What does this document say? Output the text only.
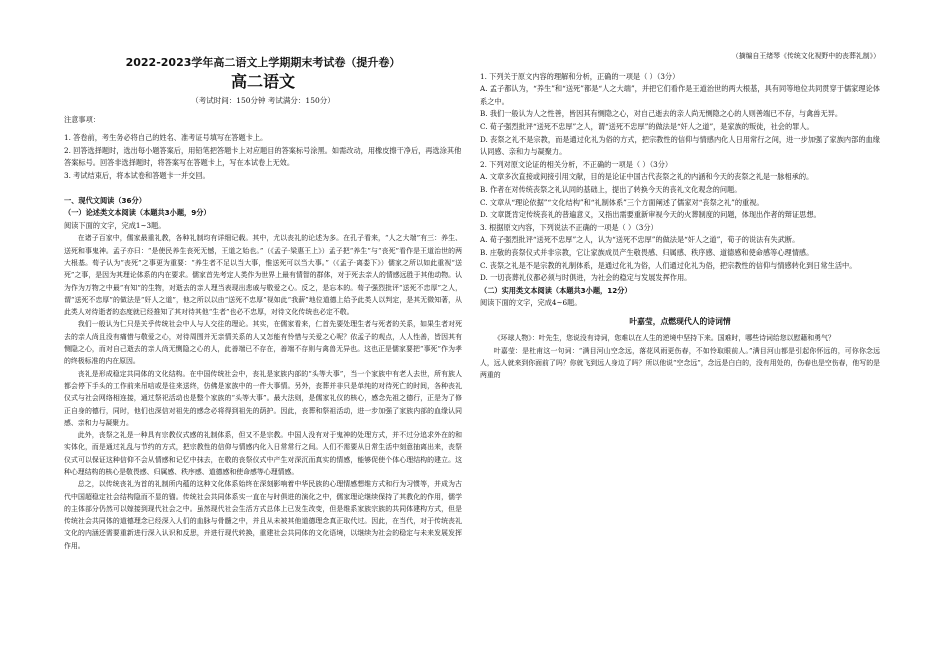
2022-2023学年高二语文上学期期末考试卷（提升卷）
高二语文
（考试时间：150分钟 考试满分：150分）

注意事项：

1. 答卷前，考生务必将自己的姓名、准考证号填写在答题卡上。

2. 回答选择题时，选出每小题答案后，用铅笔把答题卡上对应题目的答案标号涂黑。如需改动，用橡皮擦干净后，再选涂其他答案标号。回答非选择题时，将答案写在答题卡上，写在本试卷上无效。

3. 考试结束后，将本试卷和答题卡一并交回。

一、现代文阅读（36分）

（一）论述类文本阅读（本题共3小题，9分）

阅读下面的文字，完成1~3题。

在诸子百家中，儒家最重礼教，各种礼制均有详细记载。其中，尤以丧礼的论述为多。在孔子看来，“人之大端”有三：养生、送死和事鬼神。孟子亦曰：“是使民养生丧死无憾，王道之始也。”（《孟子·梁惠王上》）孟子把“养生”与“丧死”看作是王道治世的两大根基。荀子认为“丧死”之事更为重要：“养生者不足以当大事，惟送死可以当大事。”（《孟子·离娄下》）儒家之所以如此重视“送死”之事，是因为其理论体系的内在要求。儒家首先考定人类作为世界上最有情智的群体，对于死去亲人的情感远胜于其他动物。认为作为万物之中最“有知”的生物，对逝去的亲人理当表现出悲戚与敬爱之心。反之，是忘本的。荀子强烈批评“送死不忠厚”之人，谓“送死不忠厚”的做法是“奸人之道”，他之所以以由“送死不忠厚”视如此“我薪”地位道德上给予此类人以判定，是其无微知著，从此类人对待逝者的态度就已经推知了其对待其他“生者”也必不忠厚，对待文化传统也必定不敬。

我们一般认为仁只是关乎传统社会中人与人交往的理论。其实，在儒家看来，仁首先要处理生者与死者的关系，如果生者对死去的亲人尚且没有痛惜与敬爱之心，对待周围并无亲情关系的人又怎能有怜惜与关爱之心呢？依孟子的观点，人人性善，皆因其有恻隐之心，而对自己逝去的亲人尚无恻隐之心的人，此善端已不存在，善端不存则与禽兽无异也。这也正是儒家要把“事死”作为孝的终极标准的内在原因。

丧礼是形成稳定共同体的文化结构。在中国传统社会中，丧礼是家族内部的“头等大事”，当一个家族中有老人去世，所有族人都会停下手头的工作前来吊唁或是往来送终，仿佛是家族中的一件大事情。另外，丧葬并非只是单纯的对待死亡的时间，各种丧礼仪式与社会网络相连接，通过祭祀活动也是整个家族的“头等大事”。最大法则，是儒家礼仪的核心，感念先祖之德行，正是为了修正自身的德行，同时，他们也深信对祖先的感念必将得到祖先的荫护。因此，丧葬和祭祖活动，进一步加强了家族内部的血缘认同感、亲和力与凝聚力。

此外，丧祭之礼是一种具有宗教仪式感的礼制体系，但又不是宗教。中国人没有对于鬼神的处理方式，并不过分追求外在的和实体化，而是通过礼乱与节约的方式，把宗教性的信仰与情感内化入日常常行之间。人们不需要从日常生活中刻意抽离出来，丧祭仪式可以保证这种信仰不会从情感和记忆中抹去，在敬的丧祭仪式中产生对深沉而真实的情感，能够促使个体心理结构的建立。这种心理结构的核心是敬畏感、归属感、秩序感、道德感和使命感等心理情感。

总之，以传统丧礼为首的礼制所内蕴的这种文化体系始终在深刻影响着中华民族的心理情感想维方式和行为习惯等，并成为古代中国超稳定社会结构隐而不显的锚。传统社会共同体系实一直在与时俱进的演化之中，儒家理论继续保持了其教化的作用，儒学的主体部分仍然可以嫁接到现代社会之中。虽然现代社会生活方式总体上已发生改变，但是维系家族宗族的共同体建构方式，但是传统社会共同体的道德理念已经深入人们的血脉与骨髓之中，并且从未被其他道德理念真正取代过。因此，在当代，对于传统丧礼文化的内涵还需要重新进行深入认识和反思，并进行现代转换，重建社会共同体的文化语境，以继续为社会的稳定与未来发展发挥作用。

（摘编自王绪琴《传统文化视野中的丧葬礼制》）

1. 下列关于原文内容的理解和分析，正确的一项是（ ）（3分）

A. 孟子都认为，“养生”和“送死”都是“人之大端”，并把它们看作是王道治世的两大根基，具有同等地位共同贯穿于儒家理论体系之中。

B. 我们一般认为人之性善，皆因其有恻隐之心，对自己逝去的亲人尚无恻隐之心的人则善端已不存，与禽兽无异。

C. 荀子强烈批评“送死不忠厚”之人，谓“送死不忠厚”的做法是“奸人之道”，是家族的叛徒，社会的罪人。

D. 丧祭之礼不是宗教，而是通过化礼为俗的方式，把宗教性的信仰与情感内化人日用常行之间，进一步加强了家族内部的血缘认同感、亲和力与凝聚力。

2. 下列对原文论证的相关分析，不正确的一项是（ ）（3分）

A. 文章多次直接或间接引用文献，目的是论证中国古代丧祭之礼的内涵和今天的丧祭之礼是一脉相承的。

B. 作者在对传统丧祭之礼认同的基础上，提出了转换今天的丧礼文化观念的问题。

C. 文章从“理论依据”“文化结构”和“礼制体系”三个方面阐述了儒家对“丧祭之礼”的重视。

D. 文章既肯定传统丧礼的普遍意义，又指出需要重新审视今天的火葬制度的问题，体现出作者的辩证思想。

3. 根据原文内容，下列说法不正确的一项是（ ）（3分）

A. 荀子强烈批评“送死不忠厚”之人，认为“送死不忠厚”的做法是“奸人之道”，荀子的说法有失武断。

B. 庄敬的丧祭仪式并非宗教，它让家族成员产生敬畏感、归属感、秩序感、道德感和使命感等心理情感。

C. 丧祭之礼是不是宗教的礼制体系，是通过化礼为俗，人们通过化礼为俗，把宗教性的信仰与情感转化到日常生活中。

D. 一切丧葬礼仪都必须与时俱进，为社会的稳定与发展发挥作用。

（二）实用类文本阅读（本题共3小题，12分）

阅读下面的文字，完成4~6题。

叶嘉莹，点燃现代人的诗词情

《环球人物》：叶先生，您说没有诗词，您难以在人生的逆境中坚持下来。国难时，哪些诗词给您以慰藉和勇气？

叶嘉莹：是杜甫这一句词：“满目河山空念远，落花风雨更伤春，不如怜取眼前人。”满目河山都是引起你怀远的，可你你念远人，远人就来到你面前了吗？你就飞到远人身边了吗？所以他说“空念远”，念远是白白的，没有用处的，伤春也是空伤春，他写的是两重的
